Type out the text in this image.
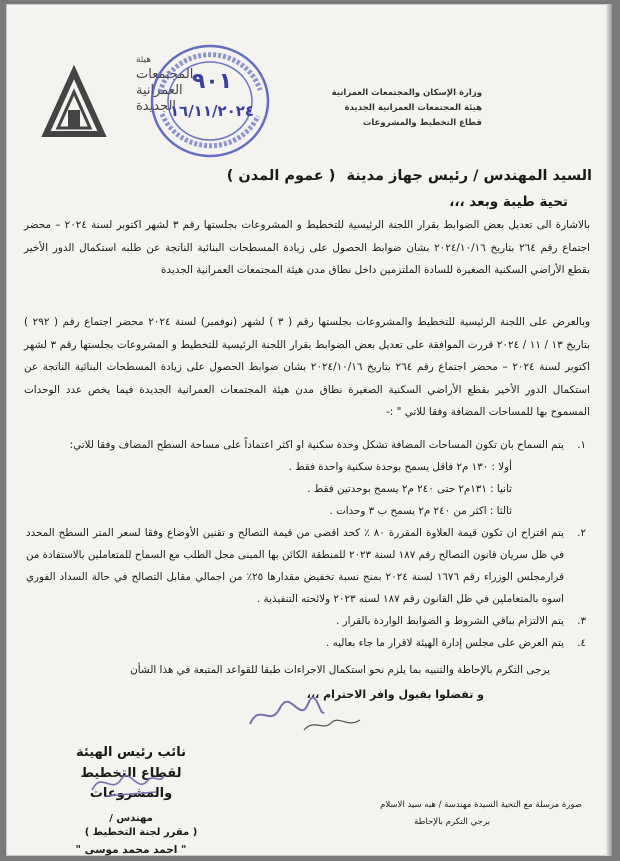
وزارة الإسكان والمجتمعات العمرانية
هيئة المجتمعات العمرانية الجديدة
قطاع التخطيط والمشروعات
هيئة
المجتمعات
العمرانية
الجديدة
٩٠١
١٦/١١/٢٠٢٤
السيد المهندس / رئيس جهاز مدينة ( عموم المدن )
تحية طيبة وبعد ،،،
بالاشارة الى تعديل بعض الضوابط بقرار اللجنة الرئيسية للتخطيط و المشروعات بجلستها رقم ٣ لشهر اكتوبر لسنة ٢٠٢٤ – محضر اجتماع رقم ٢٦٤ بتاريخ ٢٠٢٤/١٠/١٦ بشان ضوابط الحصول على زيادة المسطحات البنائية الناتجة عن طلبه استكمال الدور الأخير بقطع الأراضي السكنية الصغيرة للسادة الملتزمين داخل نطاق مدن هيئة المجتمعات العمرانية الجديدة
وبالعرض على اللجنة الرئيسية للتخطيط والمشروعات بجلستها رقم ( ٣ ) لشهر (نوفمبر) لسنة ٢٠٢٤ محضر اجتماع رقم ( ٢٩٢ ) بتاريخ ١٣ / ١١ / ٢٠٢٤ قررت الموافقة على تعديل بعض الضوابط بقرار اللجنة الرئيسية للتخطيط و المشروعات بجلستها رقم ٣ لشهر اكتوبر لسنة ٢٠٢٤ – محضر اجتماع رقم ٢٦٤ بتاريخ ٢٠٢٤/١٠/١٦ بشان ضوابط الحصول على زيادة المسطحات البنائية الناتجة عن استكمال الدور الأخير بقطع الأراضي السكنية الصغيرة نطاق مدن هيئة المجتمعات العمرانية الجديدة فيما يخص عدد الوحدات المسموح بها للمساحات المضافة وفقا للاتي " :-
١.
يتم السماح بان تكون المساحات المضافة تشكل وحدة سكنية او اكثر اعتماداً على مساحة السطح المضاف وفقا للاتي:
أولا : ١٣٠ م٢ فاقل يسمح بوحدة سكنية واحدة فقط .
ثانيا : ١٣١م٢ حتى ٢٤٠ م٢ يسمح بوحدتين فقط .
ثالثا : اكثر من ٢٤٠ م٢ يسمح ب ٣ وحدات .
٢.
يتم اقتراح ان تكون قيمة العلاوة المقررة ٨٠ ٪ كحد اقصى من قيمة التصالح و تقنين الأوضاع وفقا لسعر المتر السطح المحدد في ظل سريان قانون التصالح رقم ١٨٧ لسنة ٢٠٢٣ للمنطقة الكائن بها المبنى محل الطلب مع السماح للمتعاملين بالاستفادة من قرارمجلس الوزراء رقم ١٦٧٦ لسنة ٢٠٢٤ بمنح نسبة تخفيض مقدارها ٢٥٪ من اجمالي مقابل التصالح في حالة السداد الفوري اسوه بالمتعاملين في ظل القانون رقم ١٨٧ لسنه ٢٠٢٣ ولائحته التنفيذية .
٣.
يتم الالتزام بباقي الشروط و الضوابط الواردة بالقرار .
٤.
يتم العرض على مجلس إدارة الهيئة لاقرار ما جاء بعاليه .
يرجى التكرم بالإحاطة والتنبيه بما يلزم نحو استكمال الاجراءات طبقا للقواعد المتبعة في هذا الشأن
و تفضلوا بقبول وافر الاحترام ،،،
نائب رئيس الهيئة
لقطاع التخطيط والمشروعات
مهندس /
" احمد محمد موسى "
صورة مرسلة مع التحية السيدة مهندسة / هبه سيد الاسلام
برجي التكرم بالإحاطة
( مقرر لجنة التخطيط )
